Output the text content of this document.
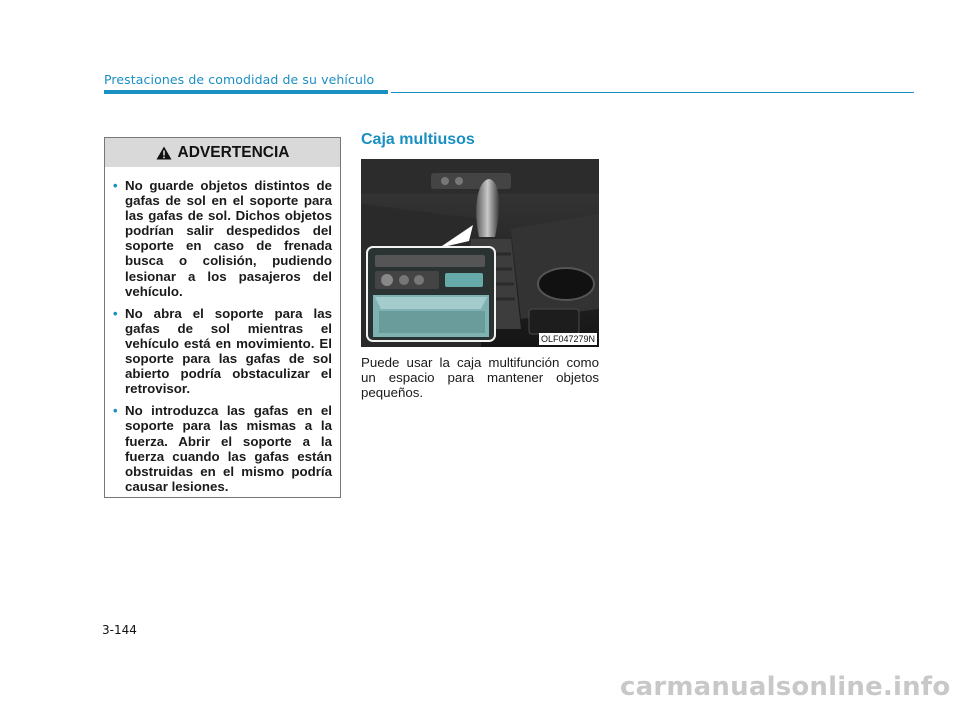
Prestaciones de comodidad de su vehículo
ADVERTENCIA
• No guarde objetos distintos de gafas de sol en el soporte para las gafas de sol. Dichos objetos podrían salir despedidos del soporte en caso de frenada busca o colisión, pudiendo lesionar a los pasajeros del vehículo.
• No abra el soporte para las gafas de sol mientras el vehículo está en movimiento. El soporte para las gafas de sol abierto podría obstaculizar el retrovisor.
• No introduzca las gafas en el soporte para las mismas a la fuerza. Abrir el soporte a la fuerza cuando las gafas están obstruidas en el mismo podría causar lesiones.
Caja multiusos
OLF047279N
Puede usar la caja multifunción como un espacio para mantener objetos pequeños.
3-144
carmanualsonline.info
